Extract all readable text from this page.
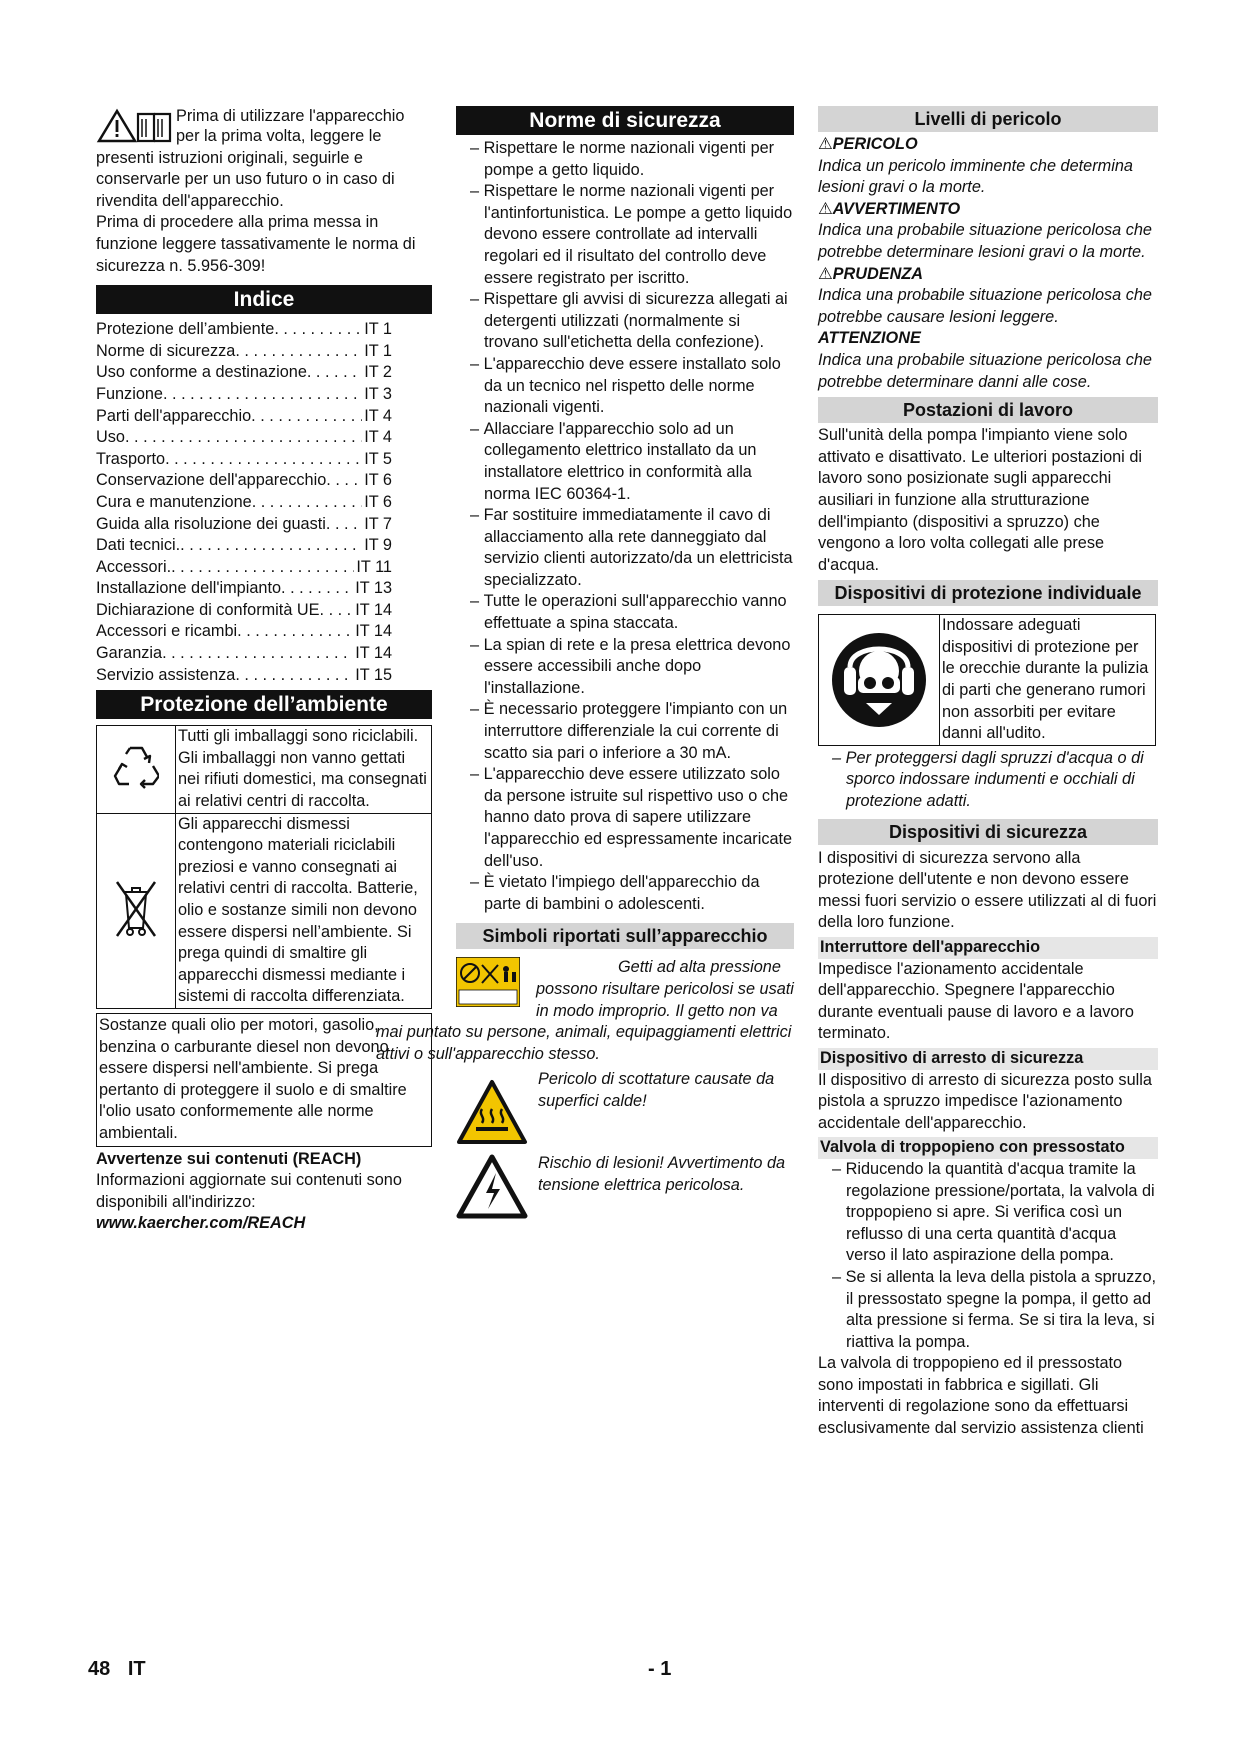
Prima di utilizzare l'apparecchio

per la prima volta, leggere le presenti istruzioni originali, seguirle e conservarle per un uso futuro o in caso di rivendita dell'apparecchio.

Prima di procedere alla prima messa in funzione leggere tassativamente le norma di sicurezza n. 5.956-309!

Indice
Protezione dell’ambiente . . .	IT 1
Norme di sicurezza . . .	IT 1
Uso conforme a destinazione . . .	IT 2
Funzione . . .	IT 3
Parti dell'apparecchio . . .	IT 4
Uso . . .	IT 4
Trasporto . . .	IT 5
Conservazione dell'apparecchio . . . IT 6
Cura e manutenzione . . .	IT 6
Guida alla risoluzione dei guasti . . . IT 7
Dati tecnici. . . .	IT 9
Accessori. . . .	IT 11
Installazione dell'impianto . . .	IT 13
Dichiarazione di conformità UE . . . IT 14
Accessori e ricambi . . .	IT 14
Garanzia . . .	IT 14
Servizio assistenza . . .	IT 15
Protezione dell’ambiente
	Tutti gli imballaggi sono riciclabili. Gli imballaggi non vanno gettati nei rifiuti domestici, ma consegnati ai relativi centri di raccolta.
	Gli apparecchi dismessi contengono materiali riciclabili preziosi e vanno consegnati ai relativi centri di raccolta. Batterie, olio e sostanze simili non devono essere dispersi nell’ambiente. Si prega quindi di smaltire gli apparecchi dismessi mediante i sistemi di raccolta differenziata.
Sostanze quali olio per motori, gasolio, benzina o carburante diesel non devono essere dispersi nell'ambiente. Si prega pertanto di proteggere il suolo e di smaltire l'olio usato conformemente alle norme ambientali.

Avvertenze sui contenuti (REACH)

Informazioni aggiornate sui contenuti sono disponibili all'indirizzo:

www.kaercher.com/REACH

Norme di sicurezza
– Rispettare le norme nazionali vigenti per pompe a getto liquido.
– Rispettare le norme nazionali vigenti per l'antinfortunistica. Le pompe a getto liquido devono essere controllate ad intervalli regolari ed il risultato del controllo deve essere registrato per iscritto.
– Rispettare gli avvisi di sicurezza allegati ai detergenti utilizzati (normalmente si trovano sull'etichetta della confezione).
– L'apparecchio deve essere installato solo da un tecnico nel rispetto delle norme nazionali vigenti.
– Allacciare l'apparecchio solo ad un collegamento elettrico installato da un installatore elettrico in conformità alla norma IEC 60364-1.
– Far sostituire immediatamente il cavo di allacciamento alla rete danneggiato dal servizio clienti autorizzato/da un elettricista specializzato.
– Tutte le operazioni sull'apparecchio vanno effettuate a spina staccata.
– La spian di rete e la presa elettrica devono essere accessibili anche dopo l'installazione.
– È necessario proteggere l'impianto con un interruttore differenziale la cui corrente di scatto sia pari o inferiore a 30 mA.
– L'apparecchio deve essere utilizzato solo da persone istruite sul rispettivo uso o che hanno dato prova di sapere utilizzare l'apparecchio ed espressamente incaricate dell'uso.
– È vietato l'impiego dell'apparecchio da parte di bambini o adolescenti.
Simboli riportati sull’apparecchio

Getti ad alta pressione possono risultare pericolosi se usati in modo improprio. Il getto non va mai puntato su persone, animali, equipaggiamenti elettrici attivi o sull'apparecchio stesso.

Pericolo di scottature causate da superfici calde!

Rischio di lesioni! Avvertimento da tensione elettrica pericolosa.

Livelli di pericolo

⚠PERICOLO

Indica un pericolo imminente che determina lesioni gravi o la morte.

⚠AVVERTIMENTO

Indica una probabile situazione pericolosa che potrebbe determinare lesioni gravi o la morte.

⚠PRUDENZA

Indica una probabile situazione pericolosa che potrebbe causare lesioni leggere.

ATTENZIONE

Indica una probabile situazione pericolosa che potrebbe determinare danni alle cose.

Postazioni di lavoro

Sull'unità della pompa l'impianto viene solo attivato e disattivato. Le ulteriori postazioni di lavoro sono posizionate sugli apparecchi ausiliari in funzione alla strutturazione dell'impianto (dispositivi a spruzzo) che vengono a loro volta collegati alle prese d'acqua.

Dispositivi di protezione individuale

Indossare adeguati dispositivi di protezione per le orecchie durante la pulizia di parti che generano rumori non assorbiti per evitare danni all'udito.

– Per proteggersi dagli spruzzi d'acqua o di sporco indossare indumenti e occhiali di protezione adatti.
Dispositivi di sicurezza

I dispositivi di sicurezza servono alla protezione dell'utente e non devono essere messi fuori servizio o essere utilizzati al di fuori della loro funzione.

Interruttore dell'apparecchio

Impedisce l'azionamento accidentale dell'apparecchio. Spegnere l'apparecchio durante eventuali pause di lavoro e a lavoro terminato.

Dispositivo di arresto di sicurezza

Il dispositivo di arresto di sicurezza posto sulla pistola a spruzzo impedisce l'azionamento accidentale dell'apparecchio.

Valvola di troppopieno con pressostato
– Riducendo la quantità d'acqua tramite la regolazione pressione/portata, la valvola di troppopieno si apre. Si verifica così un reflusso di una certa quantità d'acqua verso il lato aspirazione della pompa.
– Se si allenta la leva della pistola a spruzzo, il pressostato spegne la pompa, il getto ad alta pressione si ferma. Se si tira la leva, si riattiva la pompa.

La valvola di troppopieno ed il pressostato sono impostati in fabbrica e sigillati. Gli interventi di regolazione sono da effettuarsi esclusivamente dal servizio assistenza clienti

48 IT	- 1
